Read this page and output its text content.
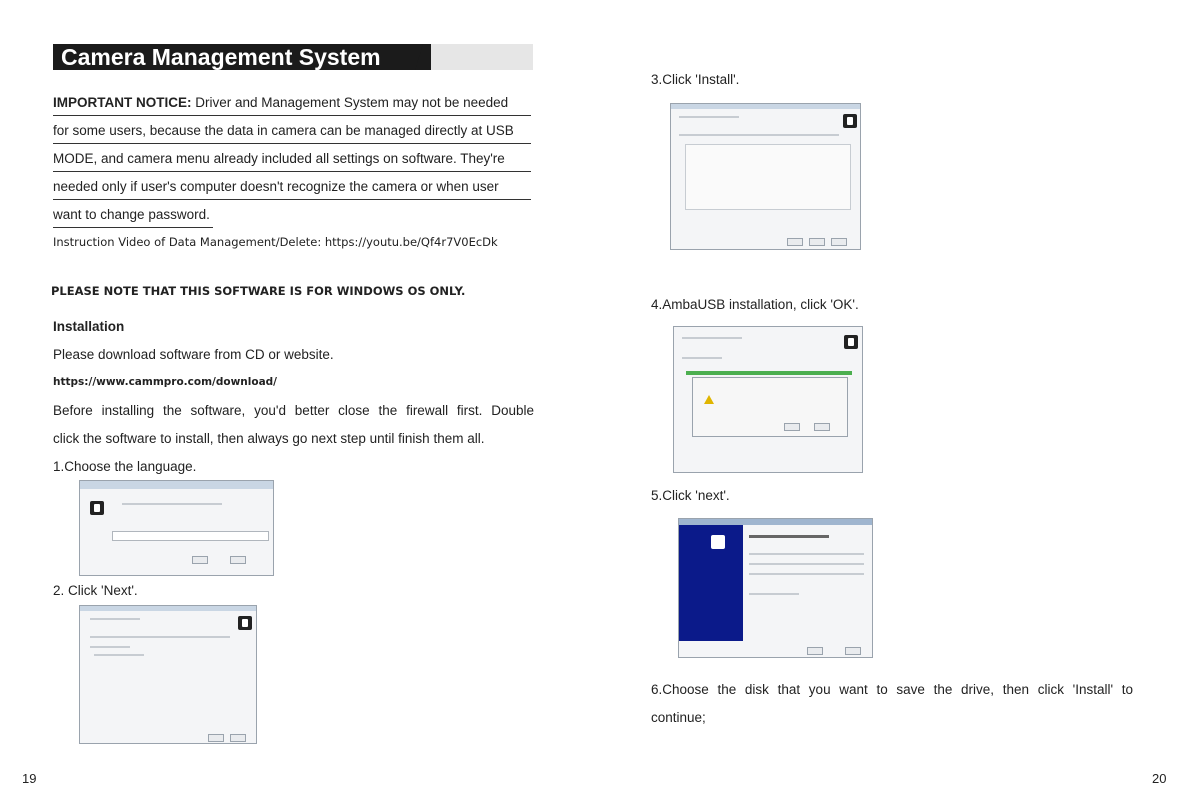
Camera Management System
IMPORTANT NOTICE: Driver and Management System may not be needed
for some users, because the data in camera can be managed directly at USB
MODE, and camera menu already included all settings on software. They're
needed only if user's computer doesn't recognize the camera or when user
want to change password.
Instruction Video of Data Management/Delete: https://youtu.be/Qf4r7V0EcDk
PLEASE NOTE THAT THIS SOFTWARE IS FOR WINDOWS OS ONLY.
Installation
Please download software from CD or website.
https://www.cammpro.com/download/
Before installing the software, you'd better close the firewall first. Double
click the software to install, then always go next step until finish them all.
1.Choose the language.
2. Click 'Next'.
19
3.Click 'Install'.
4.AmbaUSB installation, click 'OK'.
5.Click 'next'.
6.Choose the disk that you want to save the drive, then click 'Install' to
continue;
20
